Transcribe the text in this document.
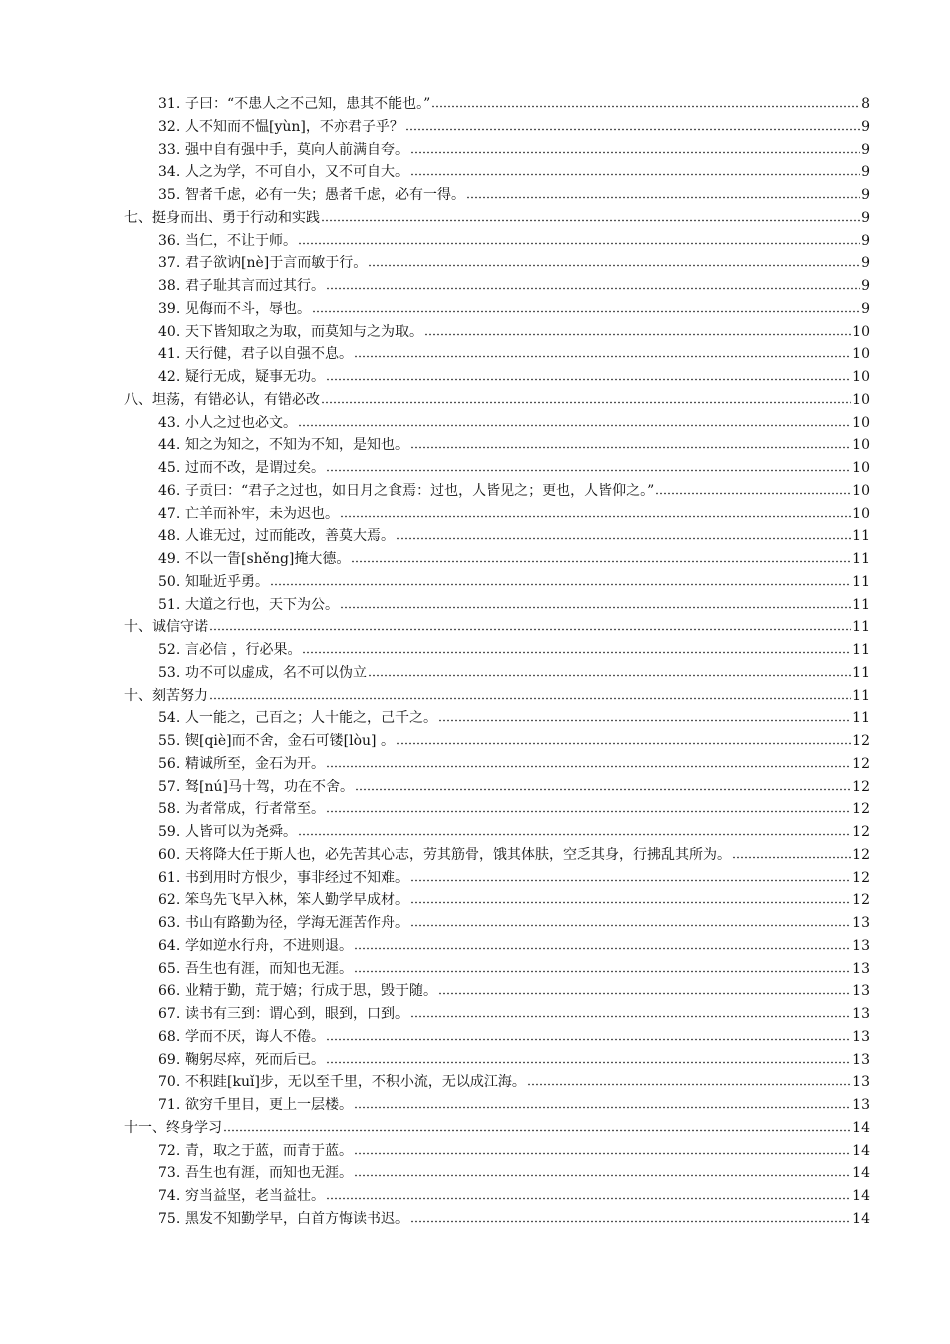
31. 子曰：“不患人之不己知，患其不能也。”	8
32. 人不知而不愠[yùn]，不亦君子乎？	9
33. 强中自有强中手，莫向人前满自夸。	9
34. 人之为学，不可自小，又不可自大。	9
35. 智者千虑，必有一失；愚者千虑，必有一得。	9
七、挺身而出、勇于行动和实践	9
36. 当仁，不让于师。	9
37. 君子欲讷[nè]于言而敏于行。	9
38. 君子耻其言而过其行。	9
39. 见侮而不斗，辱也。	9
40. 天下皆知取之为取，而莫知与之为取。	10
41. 天行健，君子以自强不息。	10
42. 疑行无成，疑事无功。	10
八、坦荡，有错必认，有错必改	10
43. 小人之过也必文。	10
44. 知之为知之，不知为不知，是知也。	10
45. 过而不改，是谓过矣。	10
46. 子贡曰：“君子之过也，如日月之食焉：过也，人皆见之；更也，人皆仰之。”	10
47. 亡羊而补牢，未为迟也。	10
48. 人谁无过，过而能改，善莫大焉。	11
49. 不以一眚[shěng]掩大德。	11
50. 知耻近乎勇。	11
51. 大道之行也，天下为公。	11
十、诚信守诺	11
52. 言必信 ，行必果。	11
53. 功不可以虚成，名不可以伪立	11
十、刻苦努力	11
54. 人一能之，己百之；人十能之，己千之。	11
55. 锲[qiè]而不舍，金石可镂[lòu] 。	12
56. 精诚所至，金石为开。	12
57. 驽[nú]马十驾，功在不舍。	12
58. 为者常成，行者常至。	12
59. 人皆可以为尧舜。	12
60. 天将降大任于斯人也，必先苦其心志，劳其筋骨，饿其体肤，空乏其身，行拂乱其所为。	12
61. 书到用时方恨少，事非经过不知难。	12
62. 笨鸟先飞早入林，笨人勤学早成材。	12
63. 书山有路勤为径，学海无涯苦作舟。	13
64. 学如逆水行舟，不进则退。	13
65. 吾生也有涯，而知也无涯。	13
66. 业精于勤，荒于嬉；行成于思，毁于随。	13
67. 读书有三到：谓心到，眼到，口到。	13
68. 学而不厌，诲人不倦。	13
69. 鞠躬尽瘁，死而后已。	13
70. 不积跬[kuǐ]步，无以至千里，不积小流，无以成江海。	13
71. 欲穷千里目，更上一层楼。	13
十一、终身学习	14
72. 青，取之于蓝，而青于蓝。	14
73. 吾生也有涯，而知也无涯。	14
74. 穷当益坚，老当益壮。	14
75. 黑发不知勤学早，白首方悔读书迟。	14
